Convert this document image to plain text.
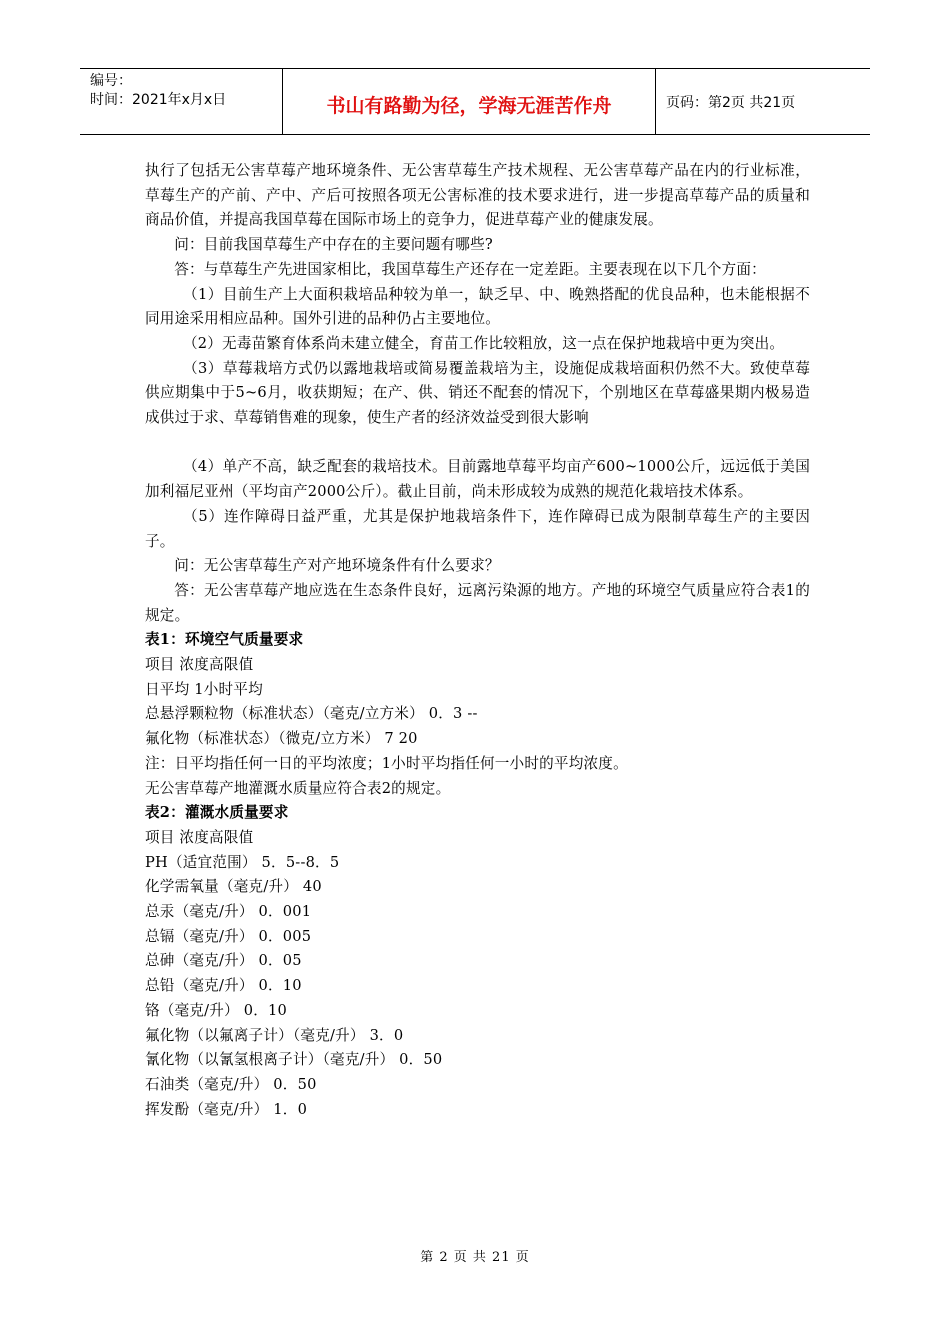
编号：
时间：2021年x月x日	书山有路勤为径，学海无涯苦作舟	页码：第2页 共21页

执行了包括无公害草莓产地环境条件、无公害草莓生产技术规程、无公害草莓产品在内的行业标准，草莓生产的产前、产中、产后可按照各项无公害标准的技术要求进行，进一步提高草莓产品的质量和商品价值，并提高我国草莓在国际市场上的竞争力，促进草莓产业的健康发展。

问：目前我国草莓生产中存在的主要问题有哪些?

答：与草莓生产先进国家相比，我国草莓生产还存在一定差距。主要表现在以下几个方面：

（1）目前生产上大面积栽培品种较为单一，缺乏早、中、晚熟搭配的优良品种，也未能根据不同用途采用相应品种。国外引进的品种仍占主要地位。

（2）无毒苗繁育体系尚未建立健全，育苗工作比较粗放，这一点在保护地栽培中更为突出。

（3）草莓栽培方式仍以露地栽培或简易覆盖栽培为主，设施促成栽培面积仍然不大。致使草莓供应期集中于5~6月，收获期短；在产、供、销还不配套的情况下，个别地区在草莓盛果期内极易造成供过于求、草莓销售难的现象，使生产者的经济效益受到很大影响

（4）单产不高，缺乏配套的栽培技术。目前露地草莓平均亩产600~1000公斤，远远低于美国加利福尼亚州（平均亩产2000公斤）。截止目前，尚未形成较为成熟的规范化栽培技术体系。

（5）连作障碍日益严重，尤其是保护地栽培条件下，连作障碍已成为限制草莓生产的主要因子。

问：无公害草莓生产对产地环境条件有什么要求？

答：无公害草莓产地应选在生态条件良好，远离污染源的地方。产地的环境空气质量应符合表1的规定。

表1：环境空气质量要求

项目 浓度高限值

日平均 1小时平均

总悬浮颗粒物（标准状态）（毫克/立方米） 0．3 --

氟化物（标准状态）（微克/立方米） 7 20

注：日平均指任何一日的平均浓度；1小时平均指任何一小时的平均浓度。

无公害草莓产地灌溉水质量应符合表2的规定。

表2：灌溉水质量要求

项目 浓度高限值

PH（适宜范围） 5．5--8．5

化学需氧量（毫克/升） 40

总汞（毫克/升） 0．001

总镉（毫克/升） 0．005

总砷（毫克/升） 0．05

总铅（毫克/升） 0．10

铬（毫克/升） 0．10

氟化物（以氟离子计）（毫克/升） 3．0

氰化物（以氰氢根离子计）（毫克/升） 0．50

石油类（毫克/升） 0．50

挥发酚（毫克/升） 1．0

第 2 页 共 21 页
